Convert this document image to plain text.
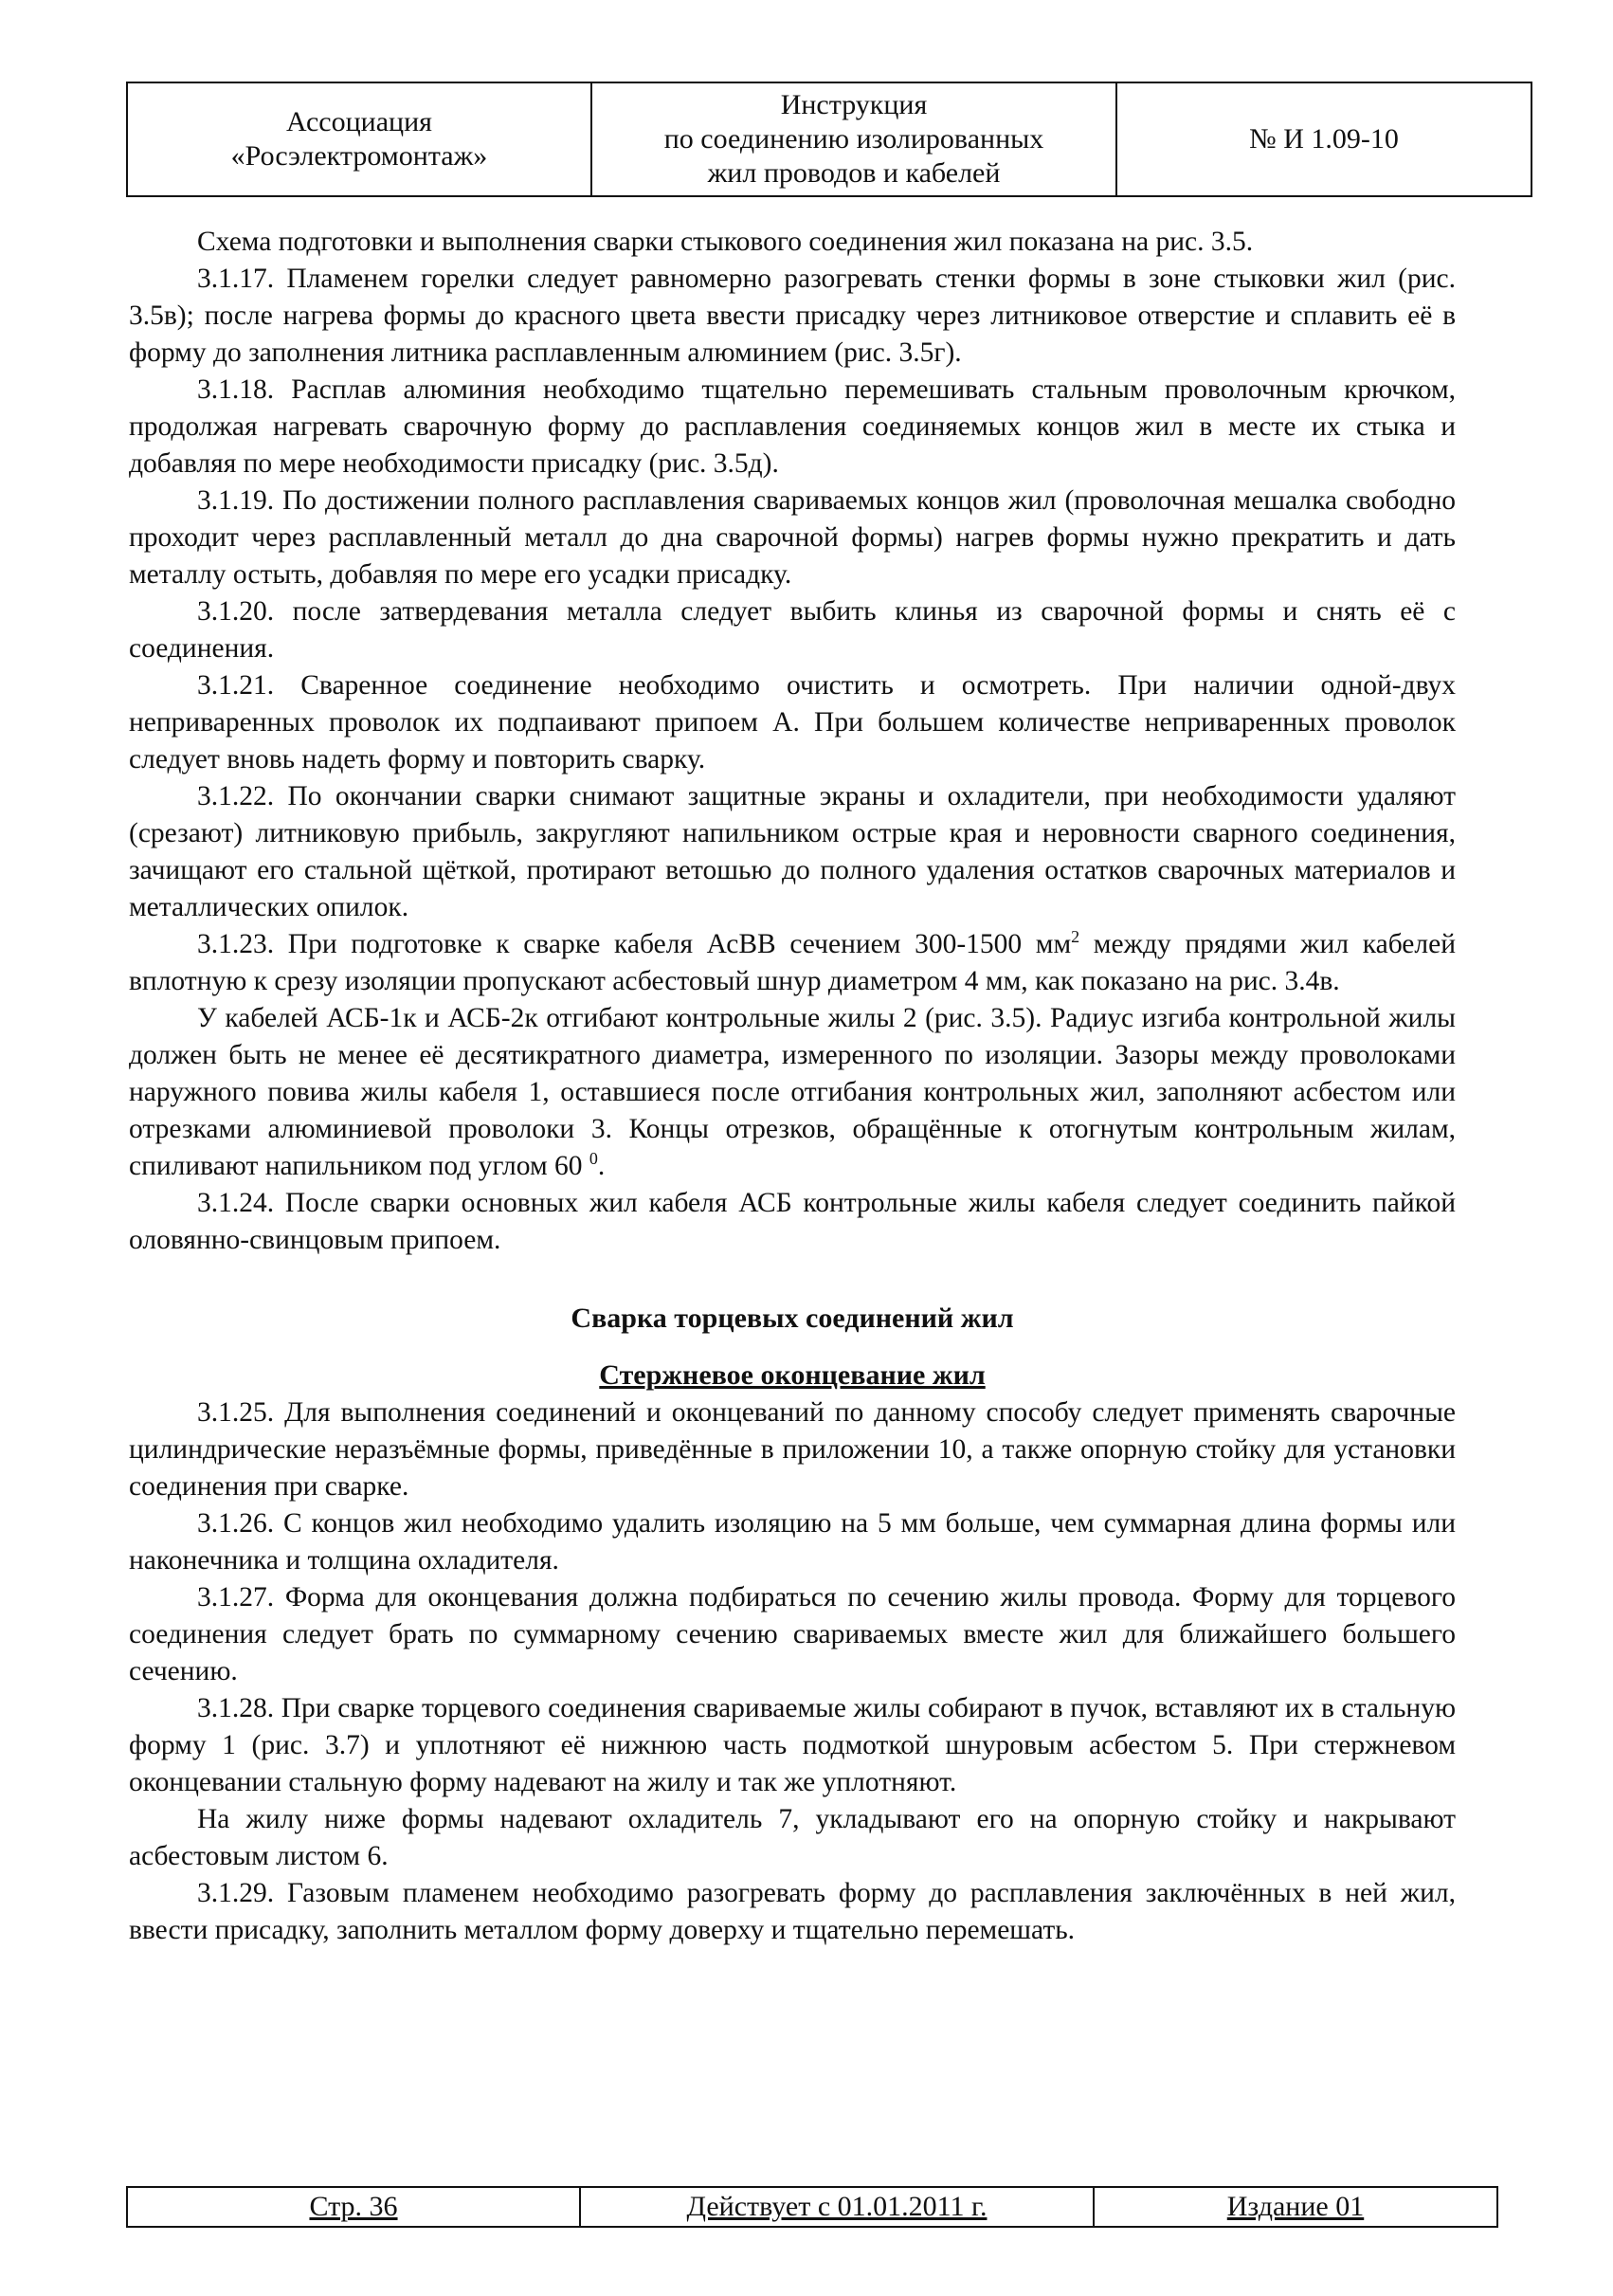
Ассоциация
«Росэлектромонтаж»

Инструкция
по соединению изолированных
жил проводов и кабелей
	№ И 1.09-10

Схема подготовки и выполнения сварки стыкового соединения жил показана на рис. 3.5.

3.1.17. Пламенем горелки следует равномерно разогревать стенки формы в зоне стыковки жил (рис. 3.5в); после нагрева формы до красного цвета ввести присадку через литниковое отверстие и сплавить её в форму до заполнения литника расплавленным алюминием (рис. 3.5г).

3.1.18. Расплав алюминия необходимо тщательно перемешивать стальным проволочным крючком, продолжая нагревать сварочную форму до расплавления соединяемых концов жил в месте их стыка и добавляя по мере необходимости присадку (рис. 3.5д).

3.1.19. По достижении полного расплавления свариваемых концов жил (проволочная мешалка свободно проходит через расплавленный металл до дна сварочной формы) нагрев формы нужно прекратить и дать металлу остыть, добавляя по мере его усадки присадку.

3.1.20. после затвердевания металла следует выбить клинья из сварочной формы и снять её с соединения.

3.1.21. Сваренное соединение необходимо очистить и осмотреть. При наличии одной-двух неприваренных проволок их подпаивают припоем А. При большем количестве неприваренных проволок следует вновь надеть форму и повторить сварку.

3.1.22. По окончании сварки снимают защитные экраны и охладители, при необходимости удаляют (срезают) литниковую прибыль, закругляют напильником острые края и неровности сварного соединения, зачищают его стальной щёткой, протирают ветошью до полного удаления остатков сварочных материалов и металлических опилок.

3.1.23. При подготовке к сварке кабеля АсВВ сечением 300-1500 $мм^2$ между прядями жил кабелей вплотную к срезу изоляции пропускают асбестовый шнур диаметром 4 мм, как показано на рис. 3.4в.

У кабелей АСБ-1к и АСБ-2к отгибают контрольные жилы 2 (рис. 3.5). Радиус изгиба контрольной жилы должен быть не менее её десятикратного диаметра, измеренного по изоляции. Зазоры между проволоками наружного повива жилы кабеля 1, оставшиеся после отгибания контрольных жил, заполняют асбестом или отрезками алюминиевой проволоки 3. Концы отрезков, обращённые к отогнутым контрольным жилам, спиливают напильником под углом 60 $^0$.

3.1.24. После сварки основных жил кабеля АСБ контрольные жилы кабеля следует соединить пайкой оловянно-свинцовым припоем.

Сварка торцевых соединений жил
Стержневое оконцевание жил

3.1.25. Для выполнения соединений и оконцеваний по данному способу следует применять сварочные цилиндрические неразъёмные формы, приведённые в приложении 10, а также опорную стойку для установки соединения при сварке.

3.1.26. С концов жил необходимо удалить изоляцию на 5 мм больше, чем суммарная длина формы или наконечника и толщина охладителя.

3.1.27. Форма для оконцевания должна подбираться по сечению жилы провода. Форму для торцевого соединения следует брать по суммарному сечению свариваемых вместе жил для ближайшего большего сечению.

3.1.28. При сварке торцевого соединения свариваемые жилы собирают в пучок, вставляют их в стальную форму 1 (рис. 3.7) и уплотняют её нижнюю часть подмоткой шнуровым асбестом 5. При стержневом оконцевании стальную форму надевают на жилу и так же уплотняют.

На жилу ниже формы надевают охладитель 7, укладывают его на опорную стойку и накрывают асбестовым листом 6.

3.1.29. Газовым пламенем необходимо разогревать форму до расплавления заключённых в ней жил, ввести присадку, заполнить металлом форму доверху и тщательно перемешать.

Стр. 36	Действует с 01.01.2011 г.	Издание 01
